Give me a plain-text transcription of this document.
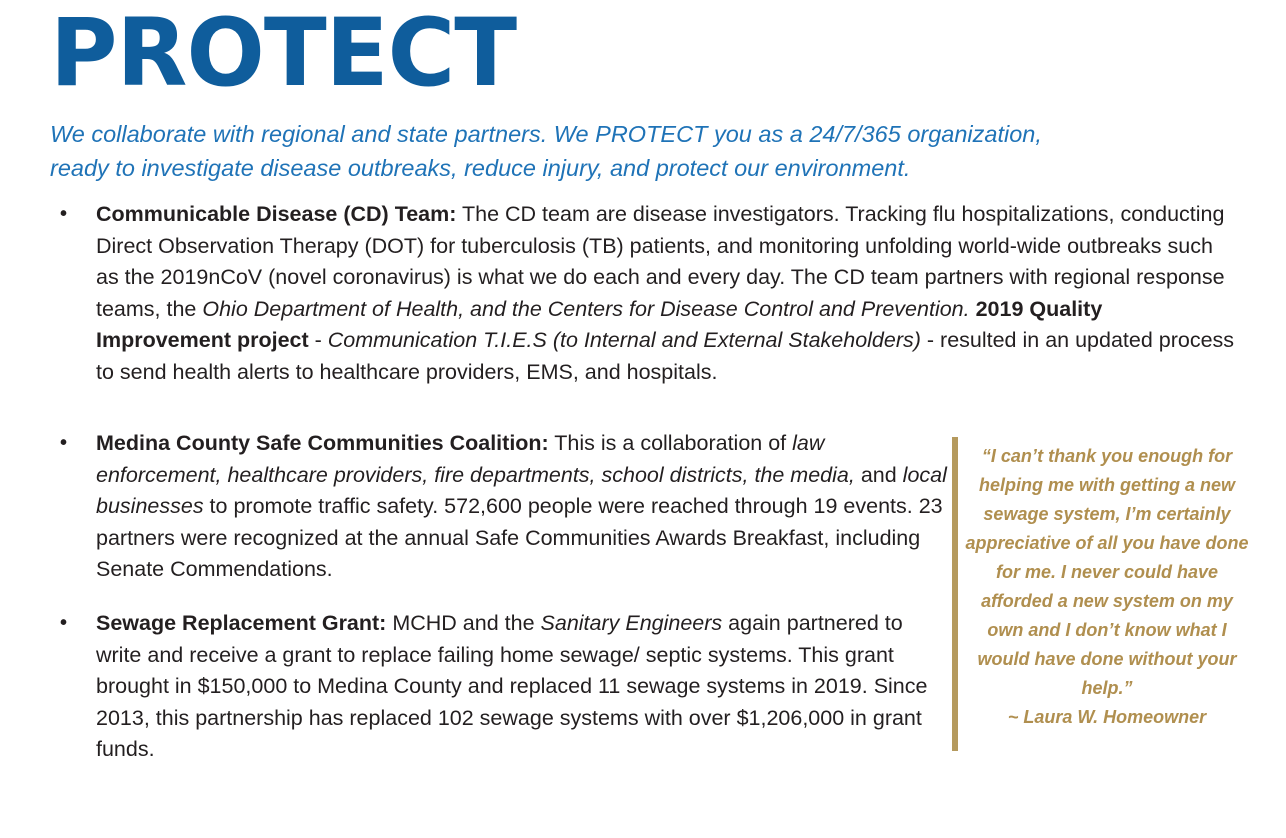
PROTECT
We collaborate with regional and state partners. We PROTECT you as a 24/7/365 organization,
ready to investigate disease outbreaks, reduce injury, and protect our environment.
• Communicable Disease (CD) Team: The CD team are disease investigators. Tracking flu hospitalizations, conducting Direct Observation Therapy (DOT) for tuberculosis (TB) patients, and monitoring unfolding world-wide outbreaks such as the 2019nCoV (novel coronavirus) is what we do each and every day. The CD team partners with regional response teams, the Ohio Department of Health, and the Centers for Disease Control and Prevention. 2019 Quality Improvement project - Communication T.I.E.S (to Internal and External Stakeholders) - resulted in an updated process to send health alerts to healthcare providers, EMS, and hospitals.
• Medina County Safe Communities Coalition: This is a collaboration of law enforcement, healthcare providers, fire departments, school districts, the media, and local businesses to promote traffic safety. 572,600 people were reached through 19 events. 23 partners were recognized at the annual Safe Communities Awards Breakfast, including Senate Commendations.
• Sewage Replacement Grant: MCHD and the Sanitary Engineers again partnered to write and receive a grant to replace failing home sewage/ septic systems. This grant brought in $150,000 to Medina County and replaced 11 sewage systems in 2019. Since 2013, this partnership has replaced 102 sewage systems with over $1,206,000 in grant funds.
“I can’t thank you enough for helping me with getting a new sewage system, I’m certainly appreciative of all you have done for me. I never could have afforded a new system on my own and I don’t know what I would have done without your help.”
~ Laura W. Homeowner
